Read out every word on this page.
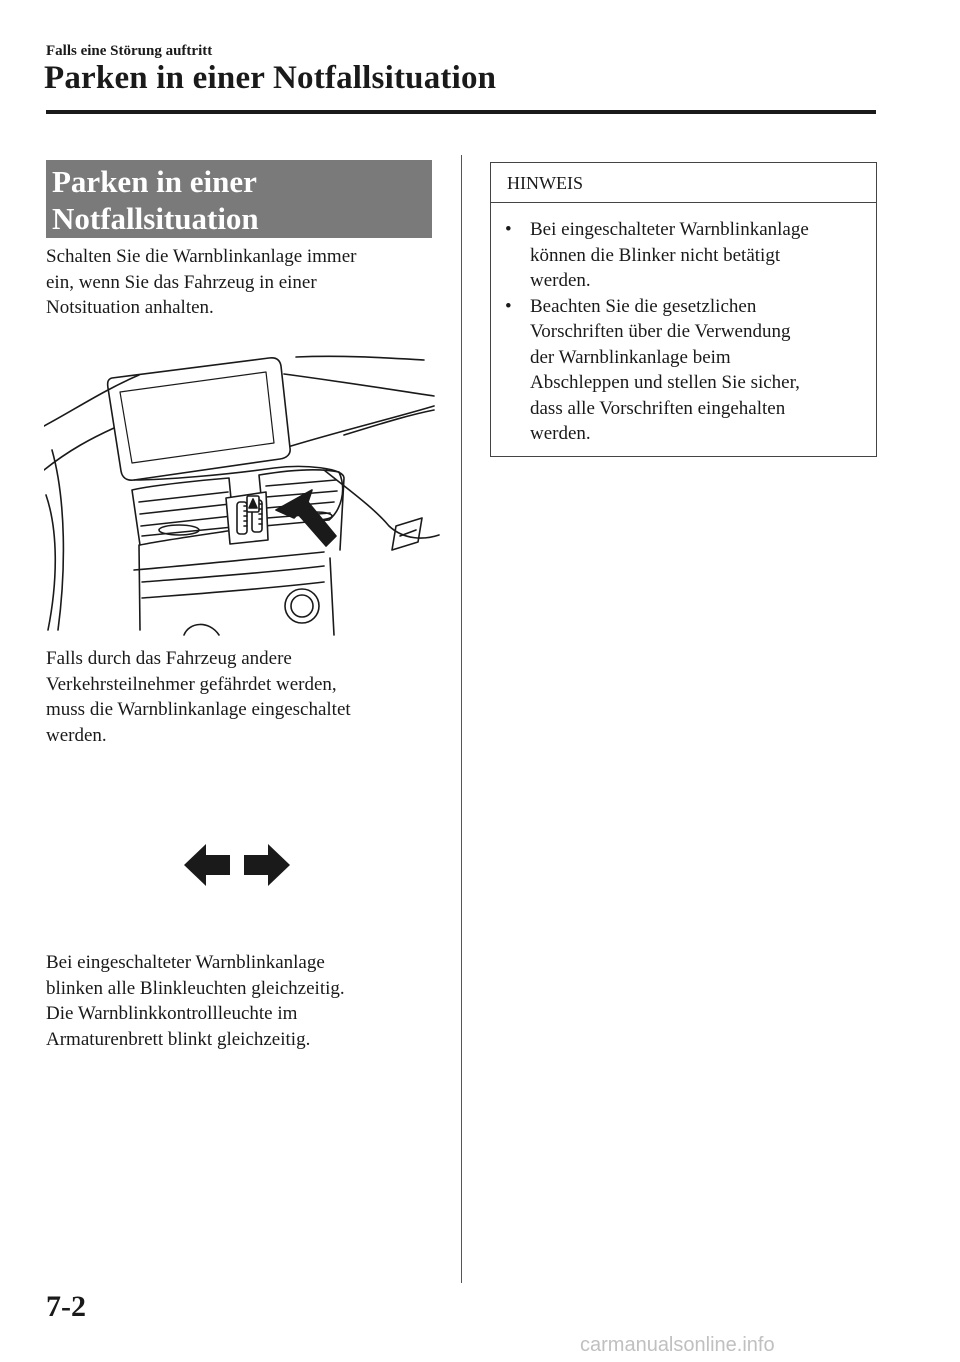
Falls eine Störung auftritt
Parken in einer Notfallsituation
Parken in einer
Notfallsituation
Schalten Sie die Warnblinkanlage immer
ein, wenn Sie das Fahrzeug in einer
Notsituation anhalten.
Falls durch das Fahrzeug andere
Verkehrsteilnehmer gefährdet werden,
muss die Warnblinkanlage eingeschaltet
werden.
Bei eingeschalteter Warnblinkanlage
blinken alle Blinkleuchten gleichzeitig.
Die Warnblinkkontrollleuchte im
Armaturenbrett blinkt gleichzeitig.
HINWEIS
• Bei eingeschalteter Warnblinkanlage
können die Blinker nicht betätigt
werden.
• Beachten Sie die gesetzlichen
Vorschriften über die Verwendung
der Warnblinkanlage beim
Abschleppen und stellen Sie sicher,
dass alle Vorschriften eingehalten
werden.
7-2
carmanualsonline.info
